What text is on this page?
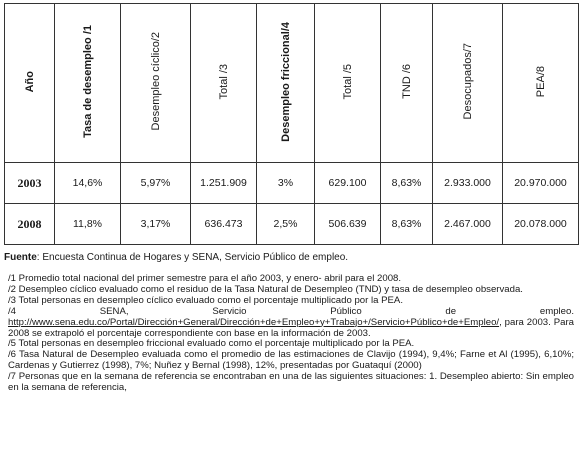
Año	Tasa de desempleo /1	Desempleo cíclico/2	Total /3	Desempleo friccional/4	Total /5	TND /6	Desocupados/7	PEA/8
2003	14,6%	5,97%	1.251.909	3%	629.100	8,63%	2.933.000	20.970.000
2008	11,8%	3,17%	636.473	2,5%	506.639	8,63%	2.467.000	20.078.000
Fuente: Encuesta Continua de Hogares y SENA, Servicio Público de empleo.

/1 Promedio total nacional del primer semestre para el año 2003, y enero- abril para el 2008.

/2 Desempleo cíclico evaluado como el residuo de la Tasa Natural de Desempleo (TND) y tasa de desempleo observada.

/3 Total personas en desempleo cíclico evaluado como el porcentaje multiplicado por la PEA.

/4 SENA, Servicio Público de empleo. http://www.sena.edu.co/Portal/Dirección+General/Dirección+de+Empleo+y+Trabajo+/Servicio+Público+de+Empleo/, para 2003. Para 2008 se extrapoló el porcentaje correspondiente con base en la información de 2003.

/5 Total personas en desempleo friccional evaluado como el porcentaje multiplicado por la PEA.

/6 Tasa Natural de Desempleo evaluada como el promedio de las estimaciones de Clavijo (1994), 9,4%; Farne et Al (1995), 6,10%; Cardenas y Gutierrez (1998), 7%; Nuñez y Bernal (1998), 12%, presentadas por Guataquí (2000)

/7 Personas que en la semana de referencia se encontraban en una de las siguientes situaciones: 1. Desempleo abierto: Sin empleo en la semana de referencia,
